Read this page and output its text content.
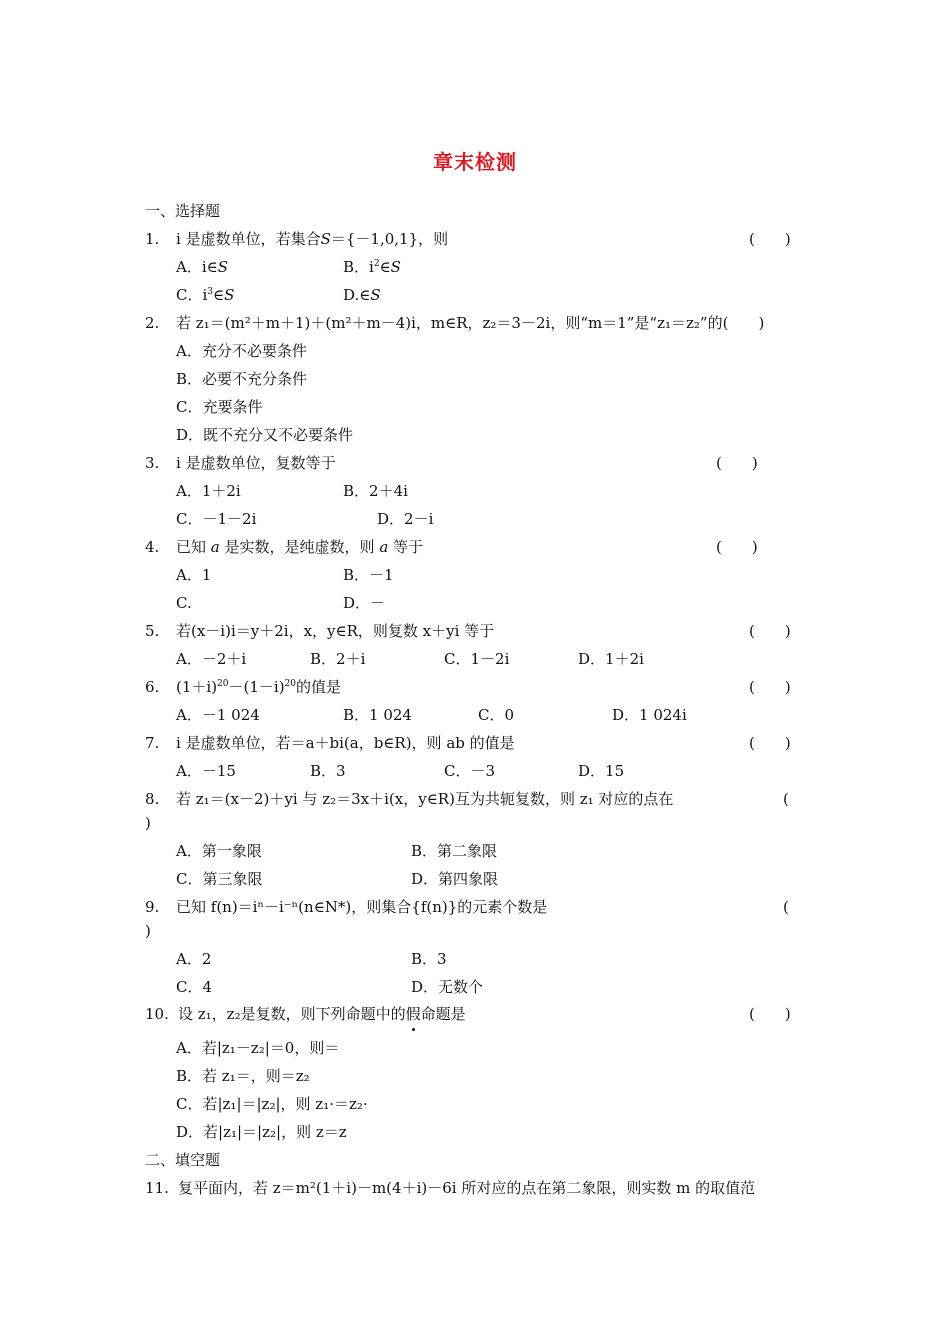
章末检测
一、选择题
1. i 是虚数单位，若集合S＝{－1,0,1}，则	(　　)
A．i∈S	B．$i^2\in S$
C．$i^3\in S$	D.∈S
2. 若 z₁＝(m²＋m＋1)＋(m²＋m－4)i，m∈R，z₂＝3－2i，则“m＝1”是“z₁＝z₂”的(　　)
A．充分不必要条件
B．必要不充分条件
C．充要条件
D．既不充分又不必要条件
3. i 是虚数单位，复数等于	(　　)
A．1＋2i	B．2＋4i
C．－1－2i	D．2－i
4. 已知 a 是实数，是纯虚数，则 a 等于	(　　)
A．1	B．－1
C.	D．－
5. 若(x－i)i＝y＋2i，x，y∈R，则复数 x＋yi 等于	(　　)
A．－2＋i	B．2＋i	C．1－2i	D．1＋2i
6. $(1+i)^{20}-(1-i)^{20}$的值是	(　　)
A．－1 024	B．1 024	C．0	D．1 024i
7. i 是虚数单位，若＝a＋bi(a，b∈R)，则 ab 的值是	(　　)
A．－15	B．3	C．－3	D．15
8. 若 z₁＝(x－2)＋yi 与 z₂＝3x＋i(x，y∈R)互为共轭复数，则 z₁ 对应的点在	(
)
A．第一象限	B．第二象限
C．第三象限	D．第四象限
9. 已知 f(n)＝iⁿ－i⁻ⁿ(n∈N*)，则集合{f(n)}的元素个数是	(
)
A．2	B．3
C．4	D．无数个
10. 设 z₁，z₂是复数，则下列命题中的假命题是	(　　)
A．若|z₁－z₂|＝0，则＝
B．若 z₁＝，则＝z₂
C．若|z₁|＝|z₂|，则 z₁·＝z₂·
D．若|z₁|＝|z₂|，则 z＝z
二、填空题
11. 复平面内，若 z＝m²(1＋i)－m(4＋i)－6i 所对应的点在第二象限，则实数 m 的取值范
